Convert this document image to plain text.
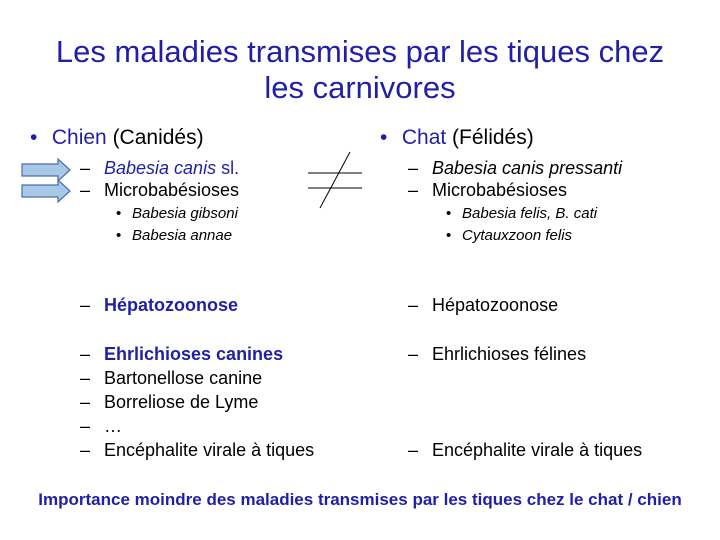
Les maladies transmises par les tiques chez
les carnivores
• Chien (Canidés)
– Babesia canis sl.
– Microbabésioses
• Babesia gibsoni
• Babesia annae
– Hépatozoonose
– Ehrlichioses canines
– Bartonellose canine
– Borreliose de Lyme
– …
– Encéphalite virale à tiques
• Chat (Félidés)
– Babesia canis pressanti
– Microbabésioses
• Babesia felis, B. cati
• Cytauxzoon felis
– Hépatozoonose
– Ehrlichioses félines
– Encéphalite virale à tiques
Importance moindre des maladies transmises par les tiques chez le chat / chien
